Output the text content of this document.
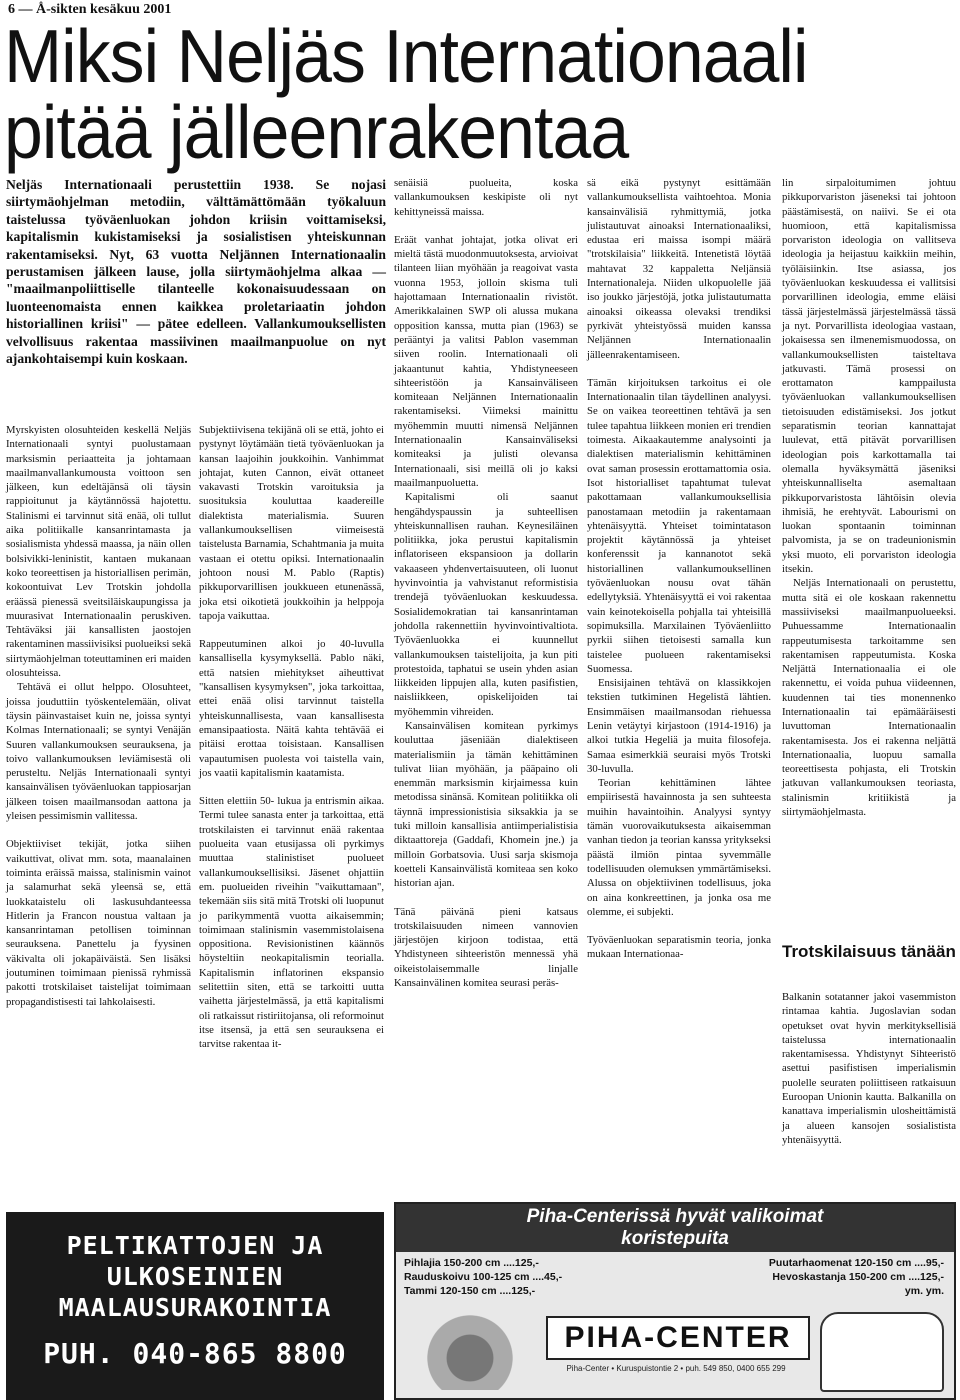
6 — Å-sikten kesäkuu 2001
Miksi Neljäs Internationaali
pitää jälleenrakentaa
Neljäs Internationaali perustettiin 1938. Se nojasi siirtymäohjelman metodiin, välttämättömään työkaluun taistelussa työväenluokan johdon kriisin voittamiseksi, kapitalismin kukistamiseksi ja sosialistisen yhteiskunnan rakentamiseksi. Nyt, 63 vuotta Neljännen Internationaalin perustamisen jälkeen lause, jolla siirtymäohjelma alkaa — "maailmanpoliittiselle tilanteelle kokonaisuudessaan on luonteenomaista ennen kaikkea proletariaatin johdon historiallinen kriisi" — pätee edelleen. Vallankumouksellisten velvollisuus rakentaa massiivinen maailmanpuolue on nyt ajankohtaisempi kuin koskaan.

Myrskyisten olosuhteiden keskellä Neljäs Internationaali syntyi puolustamaan marksismin periaatteita ja johtamaan maailmanvallankumousta voittoon sen jälkeen, kun edeltäjänsä oli täysin rappioitunut ja käytännössä hajotettu. Stalinismi ei tarvinnut sitä enää, oli tullut aika politiikalle kansanrintamasta ja sosialismista yhdessä maassa, ja näin ollen bolsivikki-leninistit, kantaen mukanaan koko teoreettisen ja historiallisen perimän, kokoontuivat Lev Trotskin johdolla eräässä pienessä sveitsiläiskaupungissa ja muurasivat Internationaalin peruskiven. Tehtäväksi jäi kansallisten jaostojen rakentaminen massiivisiksi puolueiksi sekä siirtymäohjelman toteuttaminen eri maiden olosuhteissa.

Tehtävä ei ollut helppo. Olosuhteet, joissa jouduttiin työskentelemään, olivat täysin päinvastaiset kuin ne, joissa syntyi Kolmas Internationaali; se syntyi Venäjän Suuren vallankumouksen seurauksena, ja toivo vallankumouksen leviämisestä oli perusteltu. Neljäs Internationaali syntyi kansainvälisen työväenluokan tappiosarjan jälkeen toisen maailmansodan aattona ja yleisen pessimismin vallitessa.

Objektiiviset tekijät, jotka siihen vaikuttivat, olivat mm. sota, maanalainen toiminta eräissä maissa, stalinismin vainot ja salamurhat sekä yleensä se, että luokkataistelu oli laskusuhdanteessa Hitlerin ja Francon noustua valtaan ja kansanrintaman petollisen toiminnan seurauksena. Panettelu ja fyysinen väkivalta oli jokapäiväistä. Sen lisäksi joutuminen toimimaan pienissä ryhmissä pakotti trotskilaiset taistelijat toimimaan propagandistisesti tai lahkolaisesti.

Subjektiivisena tekijänä oli se että, johto ei pystynyt löytämään tietä työväenluokan ja kansan laajoihin joukkoihin. Vanhimmat johtajat, kuten Cannon, eivät ottaneet vakavasti Trotskin varoituksia ja suosituksia kouluttaa kaadereille dialektista materialismia. Suuren vallankumouksellisen viimeisestä taistelusta Barnamia, Schahtmania ja muita vastaan ei otettu opiksi. Internationaalin johtoon nousi M. Pablo (Raptis) pikkuporvarillisen joukkueen etunenässä, joka etsi oikotietä joukkoihin ja helppoja tapoja vaikuttaa.

Rappeutuminen alkoi jo 40-luvulla kansallisella kysymyksellä. Pablo näki, että natsien miehitykset aiheuttivat "kansallisen kysymyksen", joka tarkoittaa, ettei enää olisi tarvinnut taistella yhteiskunnallisesta, vaan kansallisesta emansipaatiosta. Näitä kahta tehtävää ei pitäisi erottaa toisistaan. Kansallisen vapautumisen puolesta voi taistella vain, jos vaatii kapitalismin kaatamista.

Sitten elettiin 50- lukua ja entrismin aikaa. Termi tulee sanasta enter ja tarkoittaa, että trotskilaisten ei tarvinnut enää rakentaa puolueita vaan etusijassa oli pyrkimys muuttaa stalinistiset puolueet vallankumouksellisiksi. Jäsenet ohjattiin em. puolueiden riveihin "vaikuttamaan", tekemään siis sitä mitä Trotski oli luopunut jo parikymmentä vuotta aikaisemmin; toimimaan stalinismin vasemmistolaisena oppositiona. Revisionistinen käännös höysteltiin neokapitalismin teorialla. Kapitalismin inflatorinen ekspansio selitettiin siten, että se tarkoitti uutta vaihetta järjestelmässä, ja että kapitalismi oli ratkaissut ristiriitojansa, oli reformoinut itse itsensä, ja että sen seurauksena ei tarvitse rakentaa it-

senäisiä puolueita, koska vallankumouksen keskipiste oli nyt kehittyneissä maissa.

Eräät vanhat johtajat, jotka olivat eri mieltä tästä muodonmuutoksesta, arvioivat tilanteen liian myöhään ja reagoivat vasta vuonna 1953, jolloin skisma tuli hajottamaan Internationaalin rivistöt. Amerikkalainen SWP oli alussa mukana opposition kanssa, mutta pian (1963) se perääntyi ja valitsi Pablon vasemman siiven roolin. Internationaali oli jakaantunut kahtia, Yhdistyneeseen sihteeristöön ja Kansainväliseen komiteaan Neljännen Internationaalin rakentamiseksi. Viimeksi mainittu myöhemmin muutti nimensä Neljännen Internationaalin Kansainväliseksi komiteaksi ja julisti olevansa Internationaali, sisi meillä oli jo kaksi maailmanpuoluetta.

Kapitalismi oli saanut hengähdyspaussin ja suhteellisen yhteiskunnallisen rauhan. Keynesiläinen politiikka, joka perustui kapitalismin inflatoriseen ekspansioon ja dollarin vakaaseen yhdenvertaisuuteen, oli luonut hyvinvointia ja vahvistanut reformistisia trendejä työväenluokan keskuudessa. Sosialidemokratian tai kansanrintaman johdolla rakennettiin hyvinvointivaltiota. Työväenluokka ei kuunnellut vallankumouksen taistelijoita, ja kun piti protestoida, taphatui se usein yhden asian liikkeiden lippujen alla, kuten pasifistien, naisliikkeen, opiskelijoiden tai myöhemmin vihreiden.

Kansainvälisen komitean pyrkimys kouluttaa jäseniään dialektiseen materialismiin ja tämän kehittäminen tulivat liian myöhään, ja pääpaino oli enemmän marksismin kirjaimessa kuin metodissa sinänsä. Komitean politiikka oli täynnä impressionistisia siksakkia ja se tuki milloin kansallisia antiimperialistisia diktaattoreja (Gaddafi, Khomein jne.) ja milloin Gorbatsovia. Uusi sarja skismoja koetteli Kansainvälistä komiteaa sen koko historian ajan.

Tänä päivänä pieni katsaus trotskilaisuuden nimeen vannovien järjestöjen kirjoon todistaa, että Yhdistyneen sihteeristön mennessä yhä oikeistolaisemmalle linjalle Kansainvälinen komitea seurasi peräs-

sä eikä pystynyt esittämään vallankumouksellista vaihtoehtoa. Monia kansainvälisiä ryhmittymiä, jotka julistautuvat ainoaksi Internationaaliksi, edustaa eri maissa isompi määrä "trotskilaisia" liikkeitä. Intenetistä löytää mahtavat 32 kappaletta Neljänsiä Internationaleja. Niiden ulkopuolelle jää iso joukko järjestöjä, jotka julistautumatta ainoaksi oikeassa olevaksi trendiksi pyrkivät yhteistyössä muiden kanssa Neljännen Internationaalin jälleenrakentamiseen.

Tämän kirjoituksen tarkoitus ei ole Internationaalin tilan täydellinen analyysi. Se on vaikea teoreettinen tehtävä ja sen tulee tapahtua liikkeen monien eri trendien toimesta. Aikaakautemme analysointi ja dialektisen materialismin kehittäminen ovat saman prosessin erottamattomia osia. Isot historialliset tapahtumat tulevat pakottamaan vallankumouksellisia panostamaan metodiin ja rakentamaan yhtenäisyyttä. Yhteiset toimintatason projektit käytännössä ja yhteiset konferenssit ja kannanotot sekä historiallinen vallankumouksellinen työväenluokan nousu ovat tähän edellytyksiä. Yhtenäisyyttä ei voi rakentaa vain keinotekoisella pohjalla tai yhteisillä sopimuksilla. Marxilainen Työväenliitto pyrkii siihen tietoisesti samalla kun taistelee puolueen rakentamiseksi Suomessa.

Ensisijainen tehtävä on klassikkojen tekstien tutkiminen Hegelistä lähtien. Ensimmäisen maailmansodan riehuessa Lenin vetäytyi kirjastoon (1914-1916) ja alkoi tutkia Hegeliä ja muita filosofeja. Samaa esimerkkiä seuraisi myös Trotski 30-luvulla.

Teorian kehittäminen lähtee empiirisestä havainnosta ja sen suhteesta muihin havaintoihin. Analyysi syntyy tämän vuorovaikutuksesta aikaisemman vanhan tiedon ja teorian kanssa yritykseksi päästä ilmiön pintaa syvemmälle todellisuuden olemuksen ymmärtämiseksi. Alussa on objektiivinen todellisuus, joka on aina konkreettinen, ja jonka osa me olemme, ei subjekti.

Työväenluokan separatismin teoria, jonka mukaan Internationaa-

lin sirpaloitumimen johtuu pikkuporvariston jäseneksi tai johtoon päästämisestä, on naiivi. Se ei ota huomioon, että kapitalismissa porvariston ideologia on vallitseva ideologia ja heijastuu kaikkiin meihin, työläisiinkin. Itse asiassa, jos työväenluokan keskuudessa ei vallitsisi porvarillinen ideologia, emme eläisi tässä järjestelmässä järjestelmässä tässä ja nyt. Porvarillista ideologiaa vastaan, jokaisessa sen ilmenemismuodossa, on vallankumouksellisten taisteltava jatkuvasti. Tämä prosessi on erottamaton kamppailusta työväenluokan vallankumouksellisen tietoisuuden edistämiseksi. Jos jotkut separatismin teorian kannattajat luulevat, että pitävät porvarillisen ideologian pois karkottamalla tai olemalla hyväksymättä jäseniksi yhteiskunnalliselta asemaltaan pikkuporvaristosta lähtöisin olevia ihmisiä, he erehtyvät. Labourismi on luokan spontaanin toiminnan palvomista, ja se on tradeunionismin yksi muoto, eli porvariston ideologia itsekin.

Neljäs Internationaali on perustettu, mutta sitä ei ole koskaan rakennettu massiiviseksi maailmanpuolueeksi. Puhuessamme Internationaalin rappeutumisesta tarkoitamme sen rakentamisen rappeutumista. Koska Neljättä Internationaalia ei ole rakennettu, ei voida puhua viideennen, kuudennen tai ties monennenko Internationaalin tai epämääräisesti luvuttoman Internationaalin rakentamisesta. Jos ei rakenna neljättä Internationaalia, luopuu samalla teoreettisesta pohjasta, eli Trotskin jatkuvan vallankumouksen teoriasta, stalinismin kritiikistä ja siirtymäohjelmasta.

Trotskilaisuus tänään

Balkanin sotatanner jakoi vasemmiston rintamaa kahtia. Jugoslavian sodan opetukset ovat hyvin merkityksellisiä taistelussa internationaalin rakentamisessa. Yhdistynyt Sihteeristö asettui pasifistisen imperialismin puolelle seuraten poliittiseen ratkaisuun Euroopan Unionin kautta. Balkanilla on kanattava imperialismin ulosheittämistä ja alueen kansojen sosialistista yhtenäisyyttä.

PELTIKATTOJEN JA
ULKOSEINIEN
MAALAUSURAKOINTIA
PUH. 040-865 8800
Piha-Centerissä hyvät valikoimat
koristepuita
Pihlajia 150-200 cm ....125,-	Puutarhaomenat 120-150 cm ....95,-
Rauduskoivu 100-125 cm ....45,-	Hevoskastanja 150-200 cm ....125,-
Tammi 120-150 cm ....125,-	ym. ym.
PIHA-CENTER
Piha-Center • Kuruspuistontie 2 • puh. 549 850, 0400 655 299
